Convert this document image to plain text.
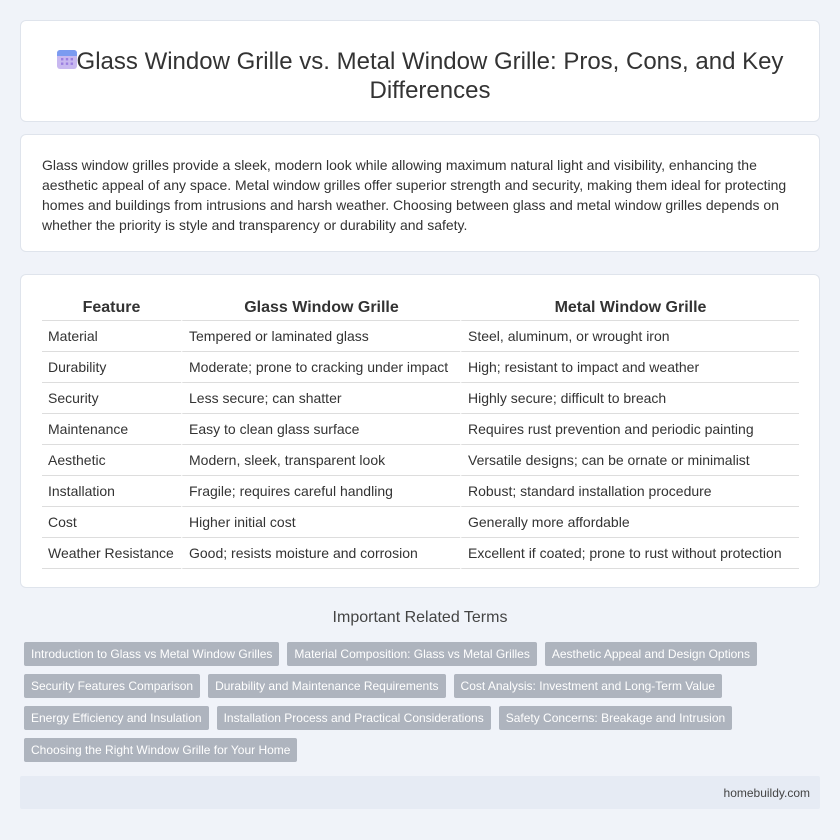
Glass Window Grille vs. Metal Window Grille: Pros, Cons, and Key Differences

Glass window grilles provide a sleek, modern look while allowing maximum natural light and visibility, enhancing the aesthetic appeal of any space. Metal window grilles offer superior strength and security, making them ideal for protecting homes and buildings from intrusions and harsh weather. Choosing between glass and metal window grilles depends on whether the priority is style and transparency or durability and safety.

Feature	Glass Window Grille	Metal Window Grille
Material	Tempered or laminated glass	Steel, aluminum, or wrought iron
Durability	Moderate; prone to cracking under impact	High; resistant to impact and weather
Security	Less secure; can shatter	Highly secure; difficult to breach
Maintenance	Easy to clean glass surface	Requires rust prevention and periodic painting
Aesthetic	Modern, sleek, transparent look	Versatile designs; can be ornate or minimalist
Installation	Fragile; requires careful handling	Robust; standard installation procedure
Cost	Higher initial cost	Generally more affordable
Weather Resistance	Good; resists moisture and corrosion	Excellent if coated; prone to rust without protection
Important Related Terms
Introduction to Glass vs Metal Window Grilles	Material Composition: Glass vs Metal Grilles	Aesthetic Appeal and Design Options
Security Features Comparison	Durability and Maintenance Requirements	Cost Analysis: Investment and Long-Term Value
Energy Efficiency and Insulation	Installation Process and Practical Considerations	Safety Concerns: Breakage and Intrusion
Choosing the Right Window Grille for Your Home
homebuildy.com
